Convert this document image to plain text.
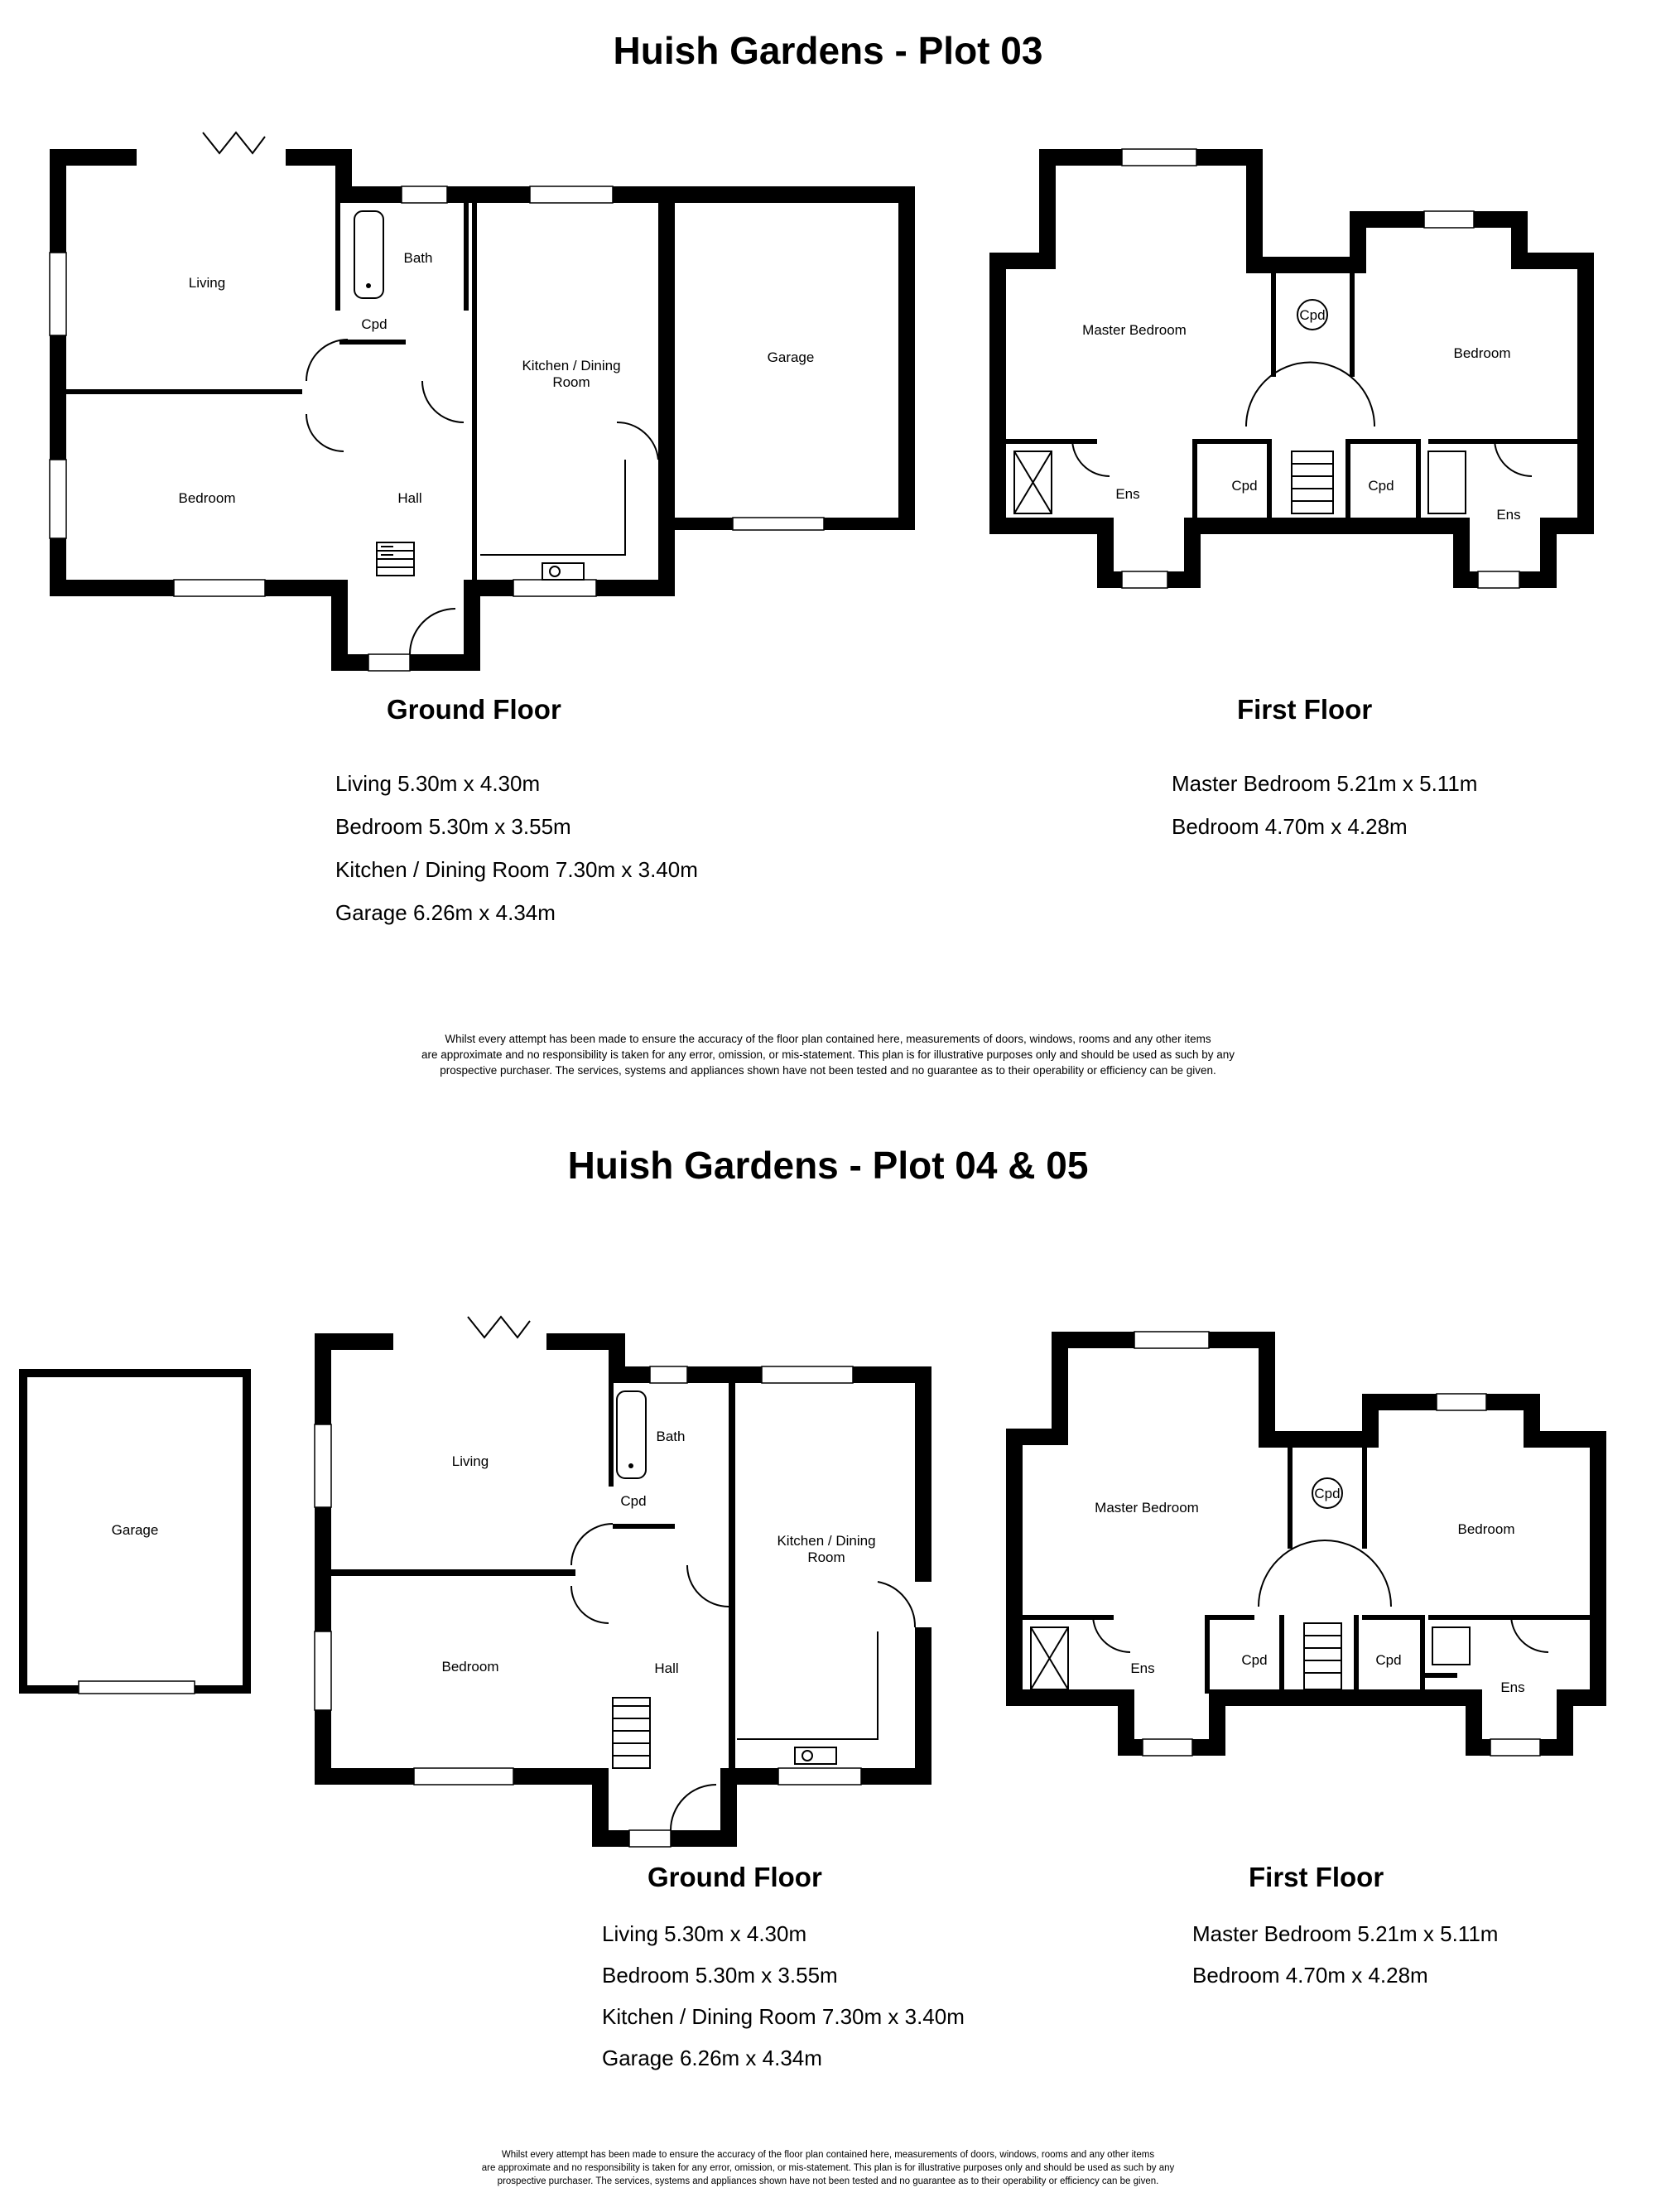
Huish Gardens - Plot 03
Living
Bath
Cpd
Kitchen / Dining
Room
Garage
Bedroom	Hall
Master Bedroom
Cpd
Bedroom
Ens
Cpd	Cpd
Ens
Ground Floor	First Floor
Living 5.30m x 4.30m
Bedroom 5.30m x 3.55m
Kitchen / Dining Room 7.30m x 3.40m
Garage 6.26m x 4.34m
Master Bedroom 5.21m x 5.11m
Bedroom 4.70m x 4.28m
Whilst every attempt has been made to ensure the accuracy of the floor plan contained here, measurements of doors, windows, rooms and any other items
are approximate and no responsibility is taken for any error, omission, or mis-statement. This plan is for illustrative purposes only and should be used as such by any
prospective purchaser. The services, systems and appliances shown have not been tested and no guarantee as to their operability or efficiency can be given.
Huish Gardens - Plot 04 & 05
Garage
Living
Bath
Cpd
Kitchen / Dining
Room
Bedroom	Hall
Master Bedroom
Cpd
Bedroom
Ens
Cpd	Cpd
Ens
Ground Floor	First Floor
Living 5.30m x 4.30m
Bedroom 5.30m x 3.55m
Kitchen / Dining Room 7.30m x 3.40m
Garage 6.26m x 4.34m
Master Bedroom 5.21m x 5.11m
Bedroom 4.70m x 4.28m
Whilst every attempt has been made to ensure the accuracy of the floor plan contained here, measurements of doors, windows, rooms and any other items
are approximate and no responsibility is taken for any error, omission, or mis-statement. This plan is for illustrative purposes only and should be used as such by any
prospective purchaser. The services, systems and appliances shown have not been tested and no guarantee as to their operability or efficiency can be given.
